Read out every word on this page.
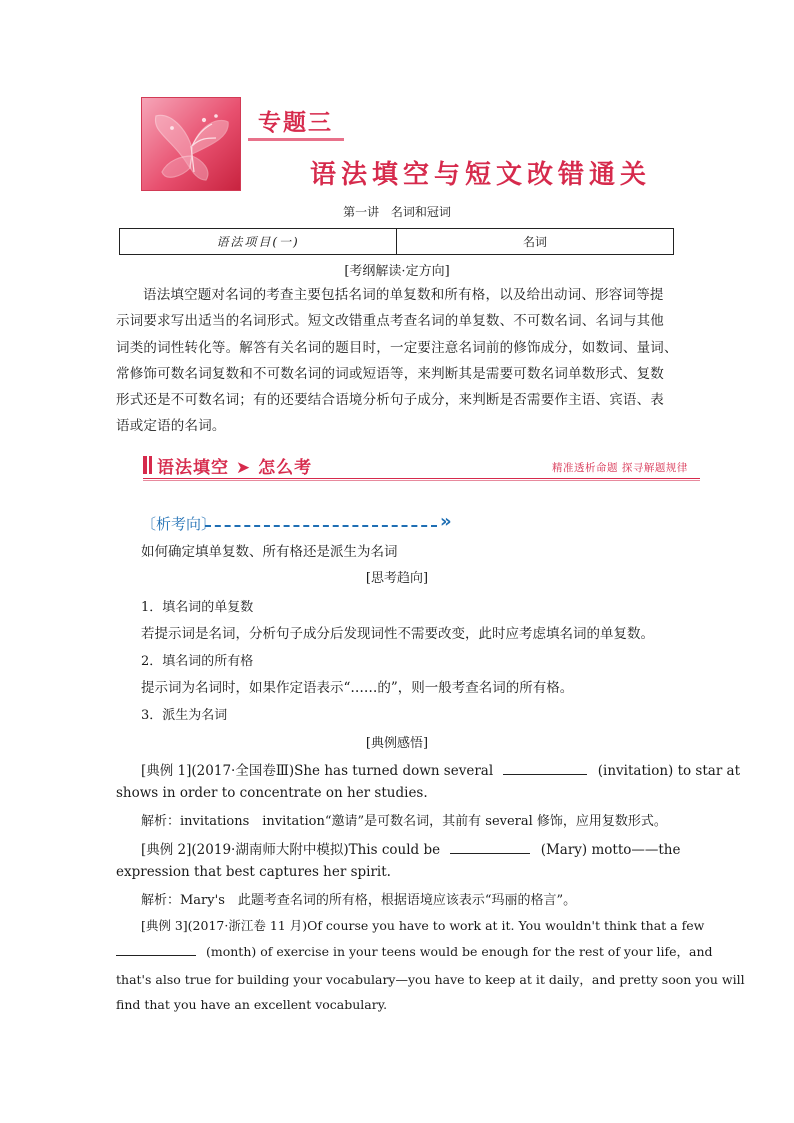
专题三
语法填空与短文改错通关
第一讲 名词和冠词
语法项目(一)	名词
[考纲解读·定方向]
语法填空题对名词的考查主要包括名词的单复数和所有格，以及给出动词、形容词等提
示词要求写出适当的名词形式。短文改错重点考查名词的单复数、不可数名词、名词与其他
词类的词性转化等。解答有关名词的题目时，一定要注意名词前的修饰成分，如数词、量词、
常修饰可数名词复数和不可数名词的词或短语等，来判断其是需要可数名词单数形式、复数
形式还是不可数名词；有的还要结合语境分析句子成分，来判断是否需要作主语、宾语、表
语或定语的名词。
语法填空 ➤ 怎么考	精准透析命题 探寻解题规律
〔析考向〕	»
如何确定填单复数、所有格还是派生为名词
[思考趋向]
1．填名词的单复数
若提示词是名词，分析句子成分后发现词性不需要改变，此时应考虑填名词的单复数。
2．填名词的所有格
提示词为名词时，如果作定语表示“……的”，则一般考查名词的所有格。
3．派生为名词
[典例感悟]
[典例 1](2017·全国卷Ⅲ)She has turned down several	(invitation) to star at
shows in order to concentrate on her studies.
解析：invitations　invitation“邀请”是可数名词，其前有 several 修饰，应用复数形式。
[典例 2](2019·湖南师大附中模拟)This could be	(Mary) motto——the
expression that best captures her spirit.
解析：Mary's　此题考查名词的所有格，根据语境应该表示“玛丽的格言”。
[典例 3](2017·浙江卷 11 月)Of course you have to work at it. You wouldn't think that a few
(month) of exercise in your teens would be enough for the rest of your life，and
that's also true for building your vocabulary—you have to keep at it daily，and pretty soon you will
find that you have an excellent vocabulary.
